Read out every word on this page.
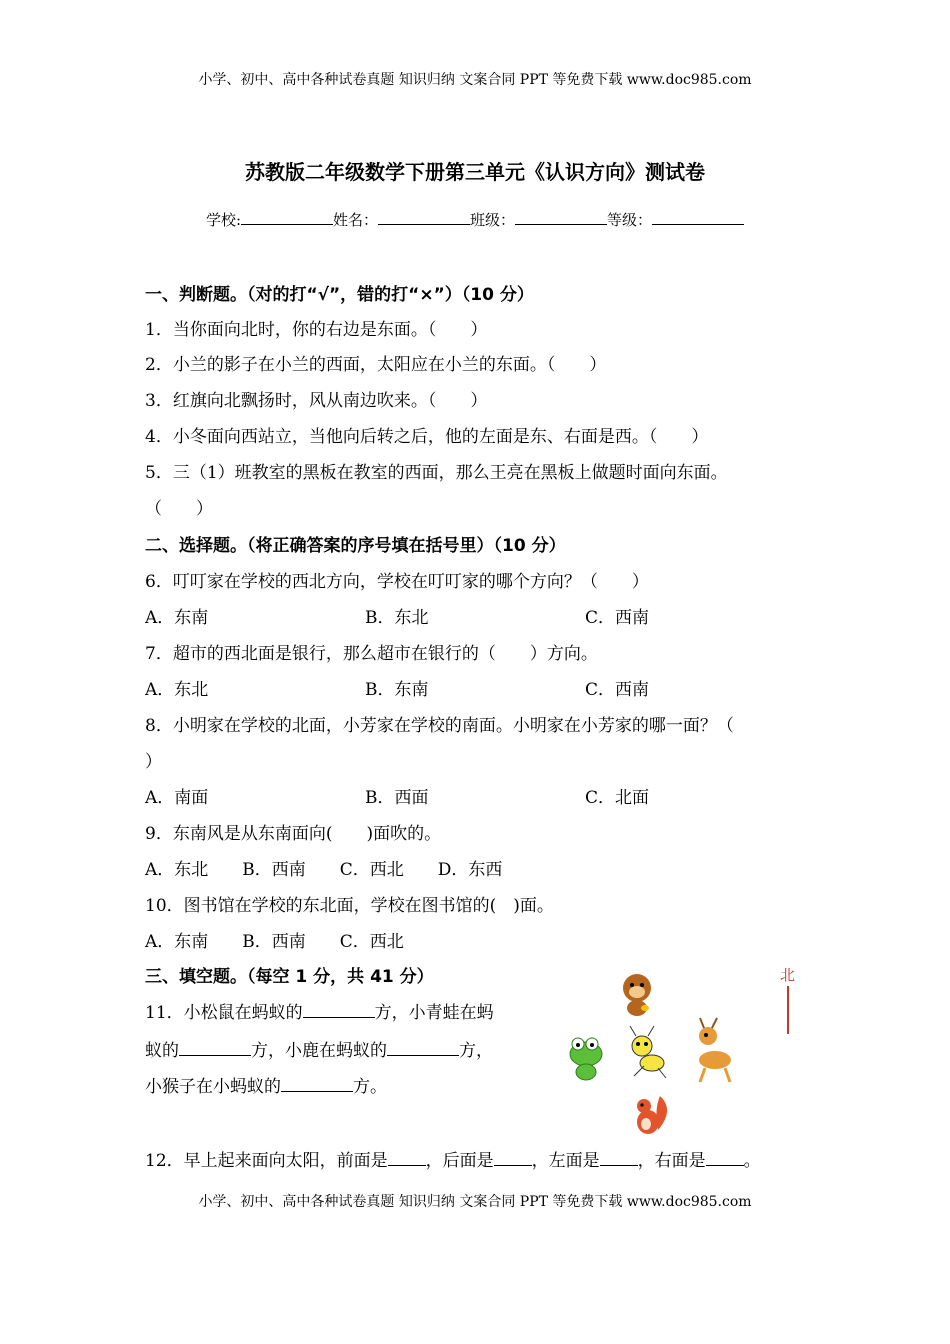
小学、初中、高中各种试卷真题 知识归纳 文案合同 PPT 等免费下载 www.doc985.com
苏教版二年级数学下册第三单元《认识方向》测试卷
学校:	姓名：	班级：	等级：
一、判断题。（对的打“√”，错的打“×”）（10 分）
1．当你面向北时，你的右边是东面。（　　）
2．小兰的影子在小兰的西面，太阳应在小兰的东面。（　　）
3．红旗向北飘扬时，风从南边吹来。（　　）
4．小冬面向西站立，当他向后转之后，他的左面是东、右面是西。（　　）
5．三（1）班教室的黑板在教室的西面，那么王亮在黑板上做题时面向东面。
（　　）
二、选择题。（将正确答案的序号填在括号里）（10 分）
6．叮叮家在学校的西北方向，学校在叮叮家的哪个方向？（　　）
A．东南	B．东北	C．西南
7．超市的西北面是银行，那么超市在银行的（　　）方向。
A．东北	B．东南	C．西南
8．小明家在学校的北面，小芳家在学校的南面。小明家在小芳家的哪一面？（
）
A．南面	B．西面	C．北面
9．东南风是从东南面向(　　)面吹的。
A．东北　　B．西南　　C．西北　　D．东西
10．图书馆在学校的东北面，学校在图书馆的(　)面。
A．东南　　B．西南　　C．西北
三、填空题。（每空 1 分，共 41 分）
11．小松鼠在蚂蚁的	方，小青蛙在蚂
蚁的	方，小鹿在蚂蚁的	方，
小猴子在小蚂蚁的	方。
北
12．早上起来面向太阳，前面是 ，后面是 ，左面是 ，右面是 。
小学、初中、高中各种试卷真题 知识归纳 文案合同 PPT 等免费下载 www.doc985.com
